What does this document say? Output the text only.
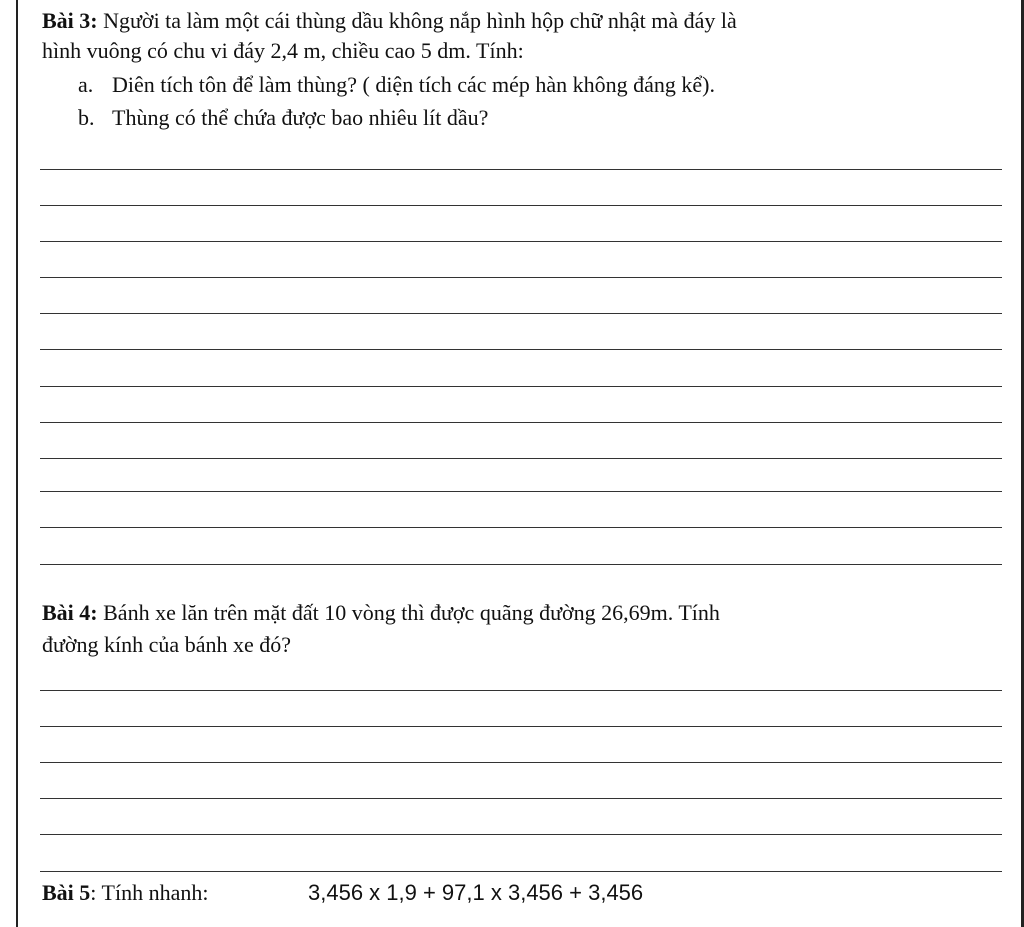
Bài 3: Người ta làm một cái thùng dầu không nắp hình hộp chữ nhật mà đáy là
hình vuông có chu vi đáy 2,4 m, chiều cao 5 dm. Tính:
a. Diên tích tôn để làm thùng? ( diện tích các mép hàn không đáng kể).
b. Thùng có thể chứa được bao nhiêu lít dầu?
Bài 4: Bánh xe lăn trên mặt đất 10 vòng thì được quãng đường 26,69m. Tính
đường kính của bánh xe đó?
Bài 5: Tính nhanh:	3,456 x 1,9 + 97,1 x 3,456 + 3,456
